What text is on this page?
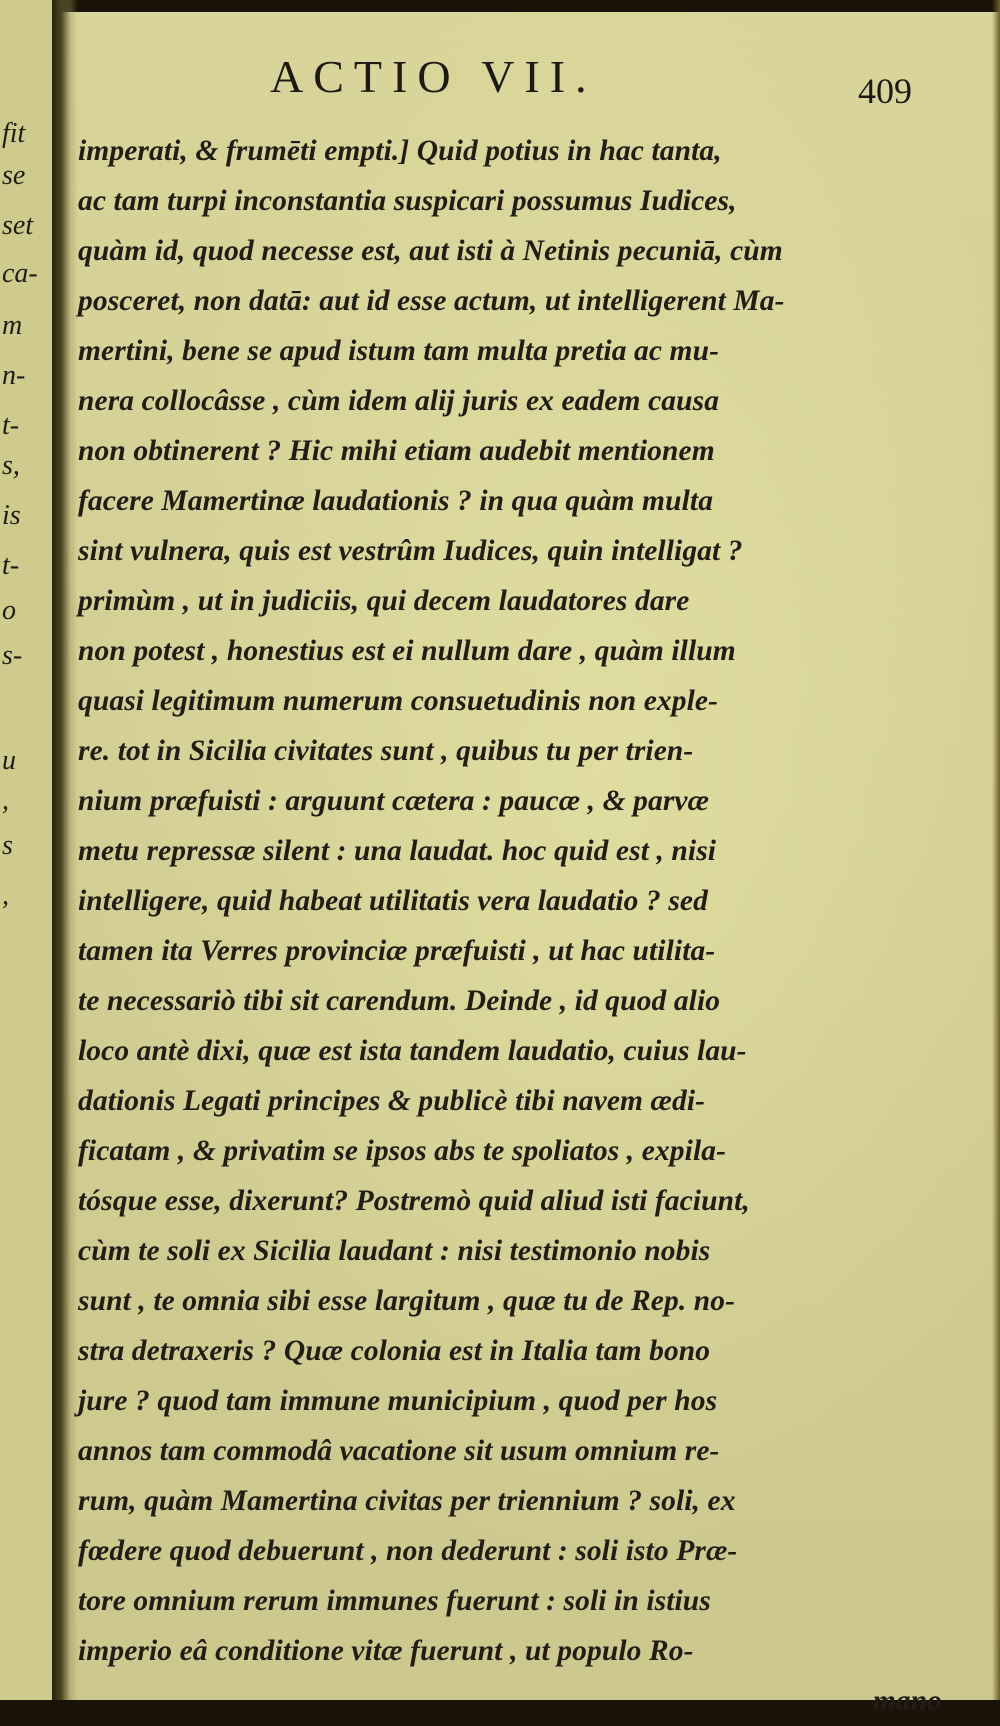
fit
se
set
ca-
m
n-
t-
s,
is
t-
o
s-
u
,
s
,
ACTIO VII.	409
imperati, & frumēti empti.] Quid potius in hac tanta,
ac tam turpi inconstantia suspicari possumus Iudices,
quàm id, quod necesse est, aut isti à Netinis pecuniā, cùm
posceret, non datā: aut id esse actum, ut intelligerent Ma-
mertini, bene se apud istum tam multa pretia ac mu-
nera collocâsse , cùm idem alij juris ex eadem causa
non obtinerent ? Hic mihi etiam audebit mentionem
facere Mamertinæ laudationis ? in qua quàm multa
sint vulnera, quis est vestrûm Iudices, quin intelligat ?
primùm , ut in judiciis, qui decem laudatores dare
non potest , honestius est ei nullum dare , quàm illum
quasi legitimum numerum consuetudinis non exple-
re. tot in Sicilia civitates sunt , quibus tu per trien-
nium præfuisti : arguunt cætera : paucæ , & parvæ
metu repressæ silent : una laudat. hoc quid est , nisi
intelligere, quid habeat utilitatis vera laudatio ? sed
tamen ita Verres provinciæ præfuisti , ut hac utilita-
te necessariò tibi sit carendum. Deinde , id quod alio
loco antè dixi, quæ est ista tandem laudatio, cuius lau-
dationis Legati principes & publicè tibi navem ædi-
ficatam , & privatim se ipsos abs te spoliatos , expila-
tósque esse, dixerunt? Postremò quid aliud isti faciunt,
cùm te soli ex Sicilia laudant : nisi testimonio nobis
sunt , te omnia sibi esse largitum , quæ tu de Rep. no-
stra detraxeris ? Quæ colonia est in Italia tam bono
jure ? quod tam immune municipium , quod per hos
annos tam commodâ vacatione sit usum omnium re-
rum, quàm Mamertina civitas per triennium ? soli, ex
fœdere quod debuerunt , non dederunt : soli isto Præ-
tore omnium rerum immunes fuerunt : soli in istius
imperio eâ conditione vitæ fuerunt , ut populo Ro-
mano
